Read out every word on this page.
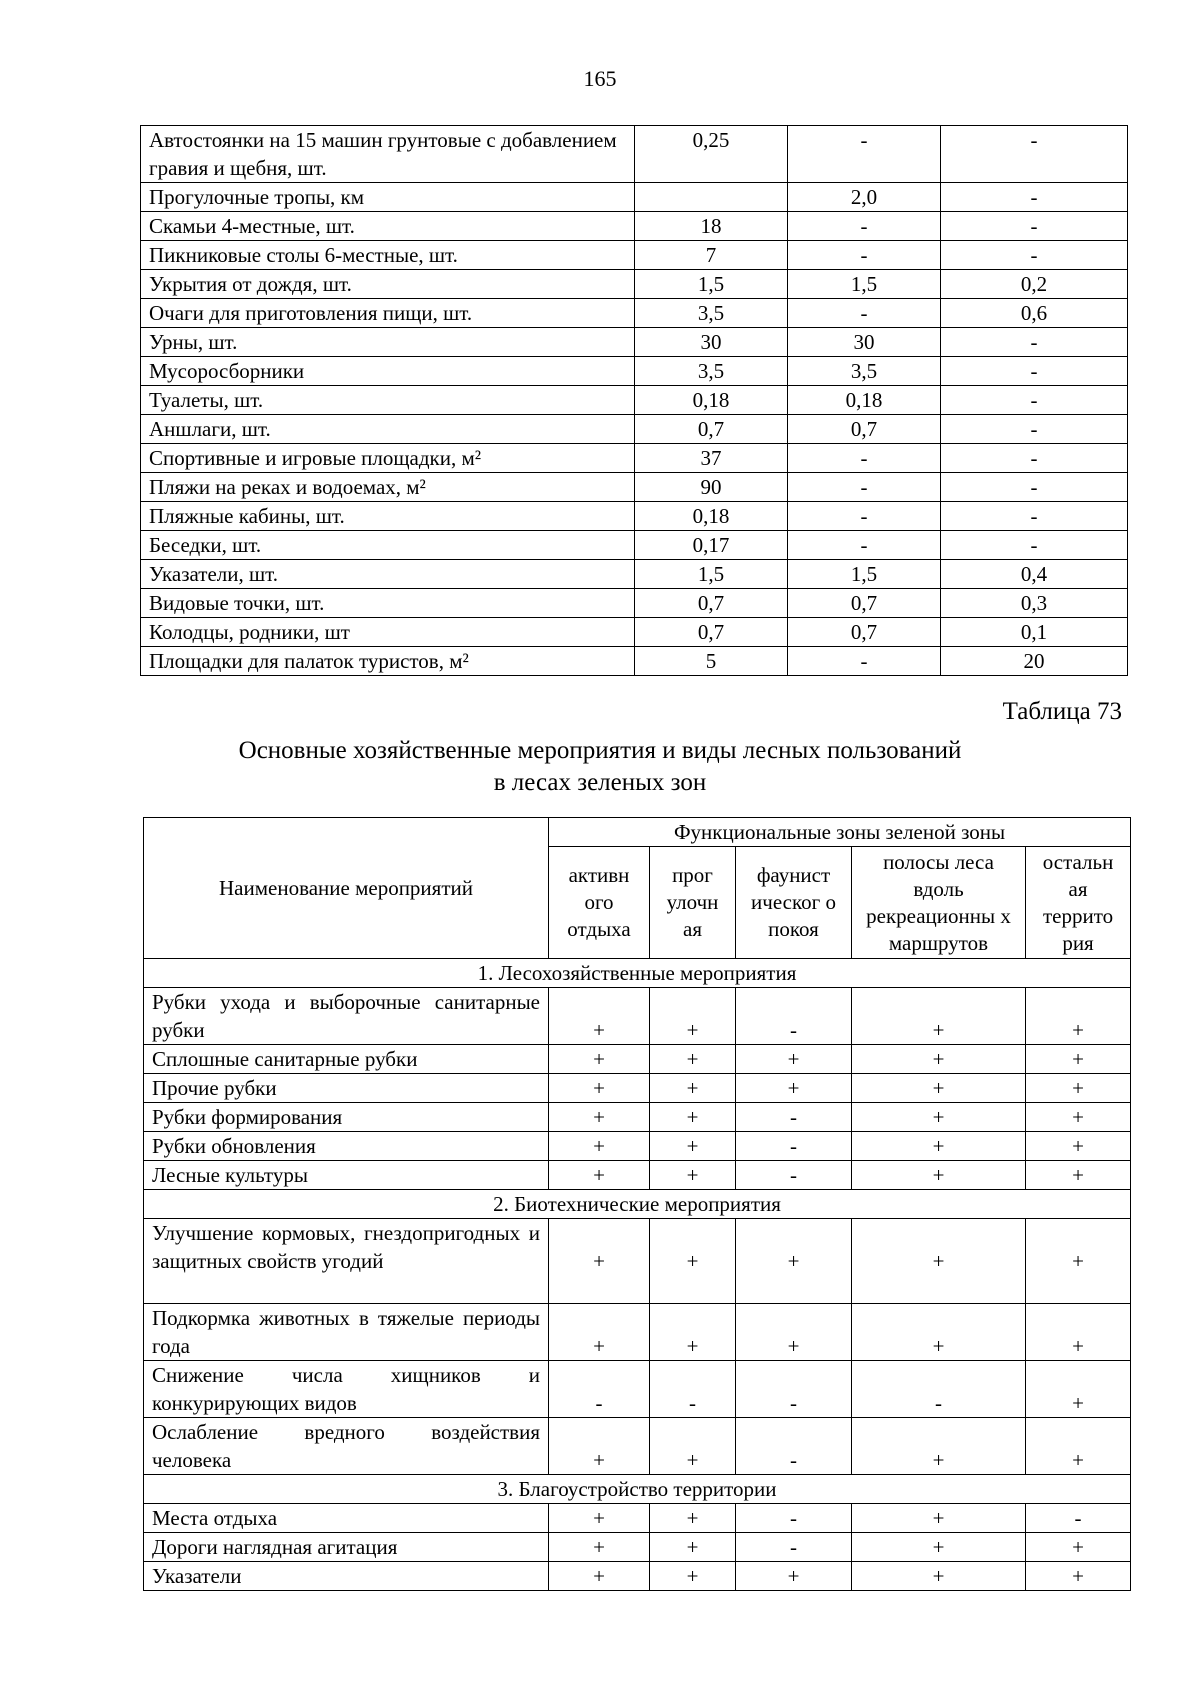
165
Автостоянки на 15 машин грунтовые с добавлением гравия и щебня, шт.	0,25	-	-
Прогулочные тропы, км		2,0	-
Скамьи 4-местные, шт.	18	-	-
Пикниковые столы 6-местные, шт.	7	-	-
Укрытия от дождя, шт.	1,5	1,5	0,2
Очаги для приготовления пищи, шт.	3,5	-	0,6
Урны, шт.	30	30	-
Мусоросборники	3,5	3,5	-
Туалеты, шт.	0,18	0,18	-
Аншлаги, шт.	0,7	0,7	-
Спортивные и игровые площадки, м²	37	-	-
Пляжи на реках и водоемах, м²	90	-	-
Пляжные кабины, шт.	0,18	-	-
Беседки, шт.	0,17	-	-
Указатели, шт.	1,5	1,5	0,4
Видовые точки, шт.	0,7	0,7	0,3
Колодцы, родники, шт	0,7	0,7	0,1
Площадки для палаток туристов, м²	5	-	20
Таблица 73
Основные хозяйственные мероприятия и виды лесных пользований
в лесах зеленых зон
Наименование мероприятий	Функциональные зоны зеленой зоны				
	активн ого отдыха	прог улочн ая	фаунист ическог о покоя	полосы леса вдоль рекреационны х маршрутов	остальн ая террито рия
1. Лесохозяйственные мероприятия					
Рубки ухода и выборочные санитарные рубки	+	+	-	+	+
Сплошные санитарные рубки	+	+	+	+	+
Прочие рубки	+	+	+	+	+
Рубки формирования	+	+	-	+	+
Рубки обновления	+	+	-	+	+
Лесные культуры	+	+	-	+	+
2. Биотехнические мероприятия					
Улучшение кормовых, гнездопригодных и защитных свойств угодий	+	+	+	+	+
Подкормка животных в тяжелые периоды года	+	+	+	+	+
Снижение числа хищников и конкурирующих видов	-	-	-	-	+
Ослабление вредного воздействия человека	+	+	-	+	+
3. Благоустройство территории					
Места отдыха	+	+	-	+	-
Дороги наглядная агитация	+	+	-	+	+
Указатели	+	+	+	+	+
